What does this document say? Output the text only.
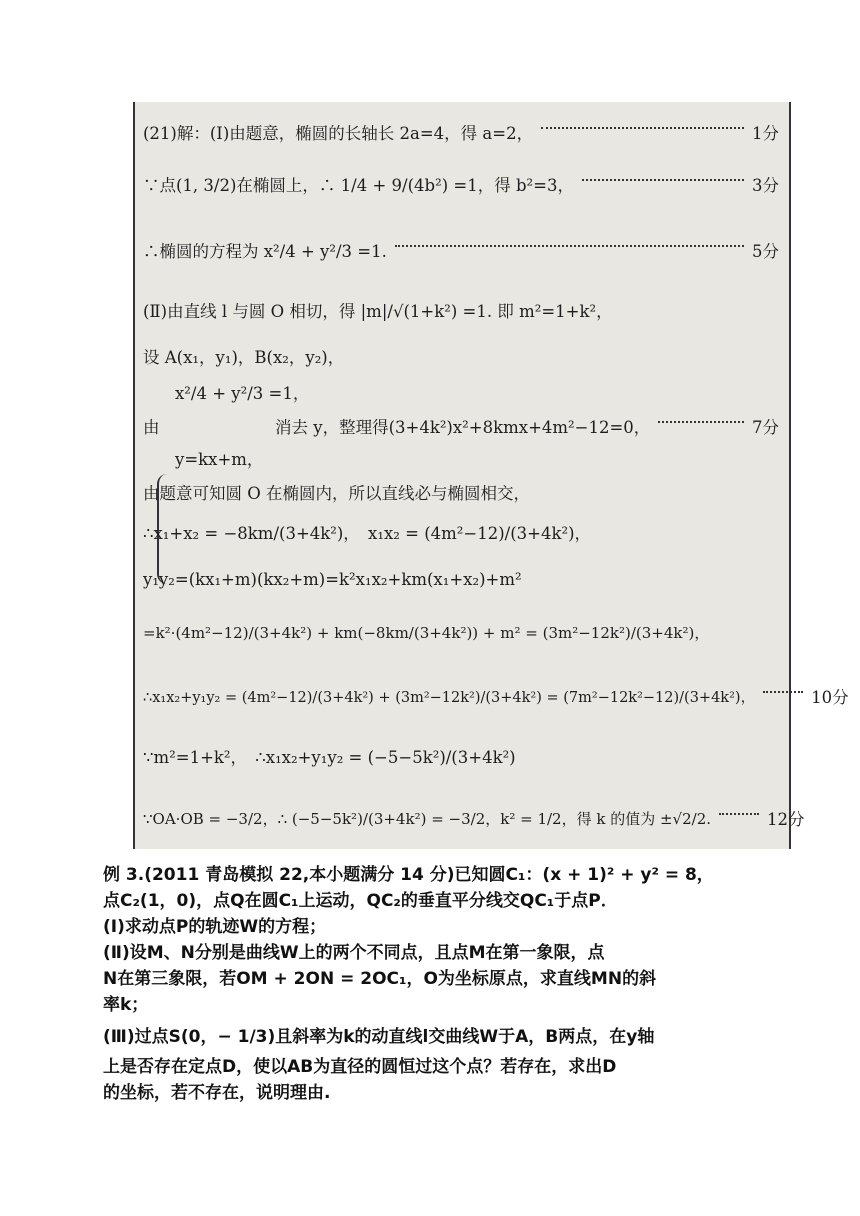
(21)解：(Ⅰ)由题意，椭圆的长轴长 2a=4，得 a=2，	1分
∵点(1, 3/2)在椭圆上，∴ 1/4 + 9/(4b²) =1，得 b²=3，	3分
∴椭圆的方程为 x²/4 + y²/3 =1.	5分
(Ⅱ)由直线 l 与圆 O 相切，得 |m|/√(1+k²) =1. 即 m²=1+k²，
设 A(x₁，y₁)，B(x₂，y₂)，
x²/4 + y²/3 =1，
由　　　　　　　消去 y，整理得(3+4k²)x²+8kmx+4m²−12=0，	7分
y=kx+m，
由题意可知圆 O 在椭圆内，所以直线必与椭圆相交，
∴x₁+x₂ = −8km/(3+4k²)，　x₁x₂ = (4m²−12)/(3+4k²)，
y₁y₂=(kx₁+m)(kx₂+m)=k²x₁x₂+km(x₁+x₂)+m²
=k²·(4m²−12)/(3+4k²) + km(−8km/(3+4k²)) + m² = (3m²−12k²)/(3+4k²)，
∴x₁x₂+y₁y₂ = (4m²−12)/(3+4k²) + (3m²−12k²)/(3+4k²) = (7m²−12k²−12)/(3+4k²)，	10分
∵m²=1+k²，　∴x₁x₂+y₁y₂ = (−5−5k²)/(3+4k²)
∵OA·OB = −3/2，∴ (−5−5k²)/(3+4k²) = −3/2，k² = 1/2，得 k 的值为 ±√2/2.	12分
例 3.(2011 青岛模拟 22,本小题满分 14 分)已知圆C₁：(x + 1)² + y² = 8，
点C₂(1，0)，点Q在圆C₁上运动，QC₂的垂直平分线交QC₁于点P．
(Ⅰ)求动点P的轨迹W的方程；
(Ⅱ)设M、N分别是曲线W上的两个不同点，且点M在第一象限，点
N在第三象限，若OM + 2ON = 2OC₁，O为坐标原点，求直线MN的斜
率k；
(Ⅲ)过点S(0，− 1/3)且斜率为k的动直线l交曲线W于A，B两点，在y轴
上是否存在定点D，使以AB为直径的圆恒过这个点？若存在，求出D
的坐标，若不存在，说明理由.
